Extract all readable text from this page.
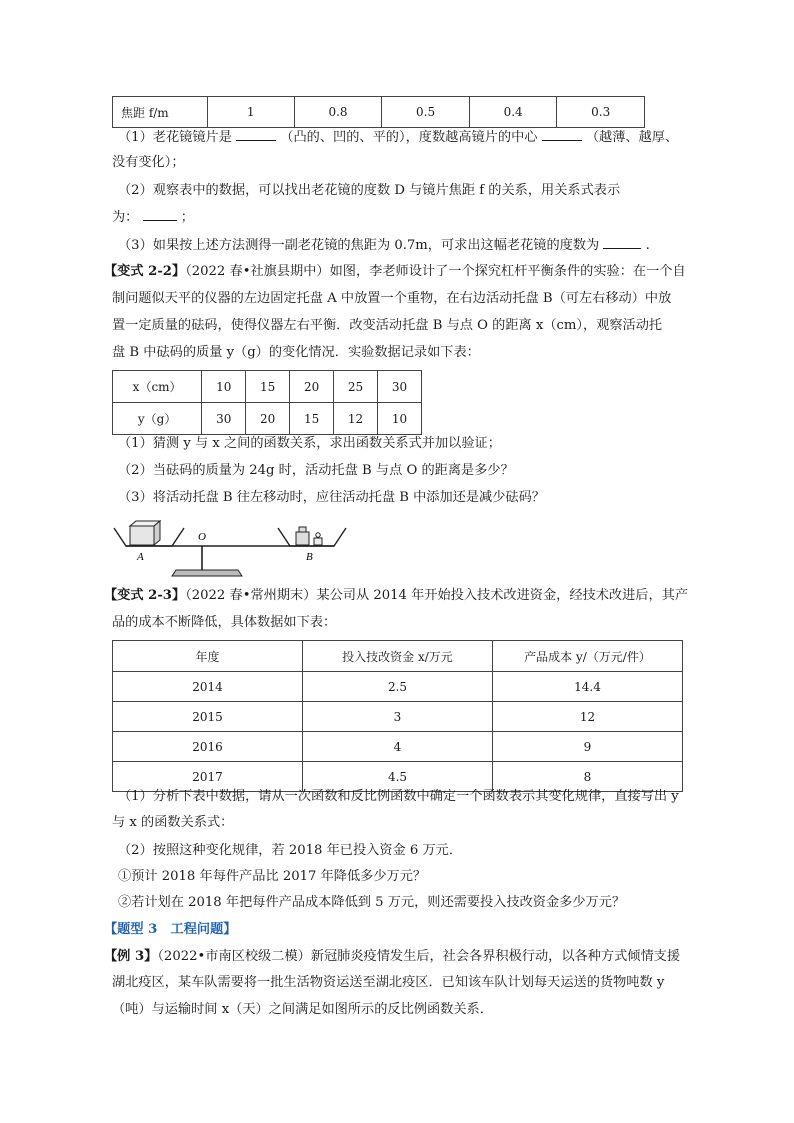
焦距 f/m	1	0.8	0.5	0.4	0.3
（1）老花镜镜片是	（凸的、凹的、平的），度数越高镜片的中心	（越薄、越厚、
没有变化）；
（2）观察表中的数据，可以找出老花镜的度数 D 与镜片焦距 f 的关系，用关系式表示
为：	；
（3）如果按上述方法测得一副老花镜的焦距为 0.7m，可求出这幅老花镜的度数为	.
【变式 2-2】（2022 春•社旗县期中）如图，李老师设计了一个探究杠杆平衡条件的实验：在一个自
制问题似天平的仪器的左边固定托盘 A 中放置一个重物，在右边活动托盘 B（可左右移动）中放
置一定质量的砝码，使得仪器左右平衡．改变活动托盘 B 与点 O 的距离 x（cm），观察活动托
盘 B 中砝码的质量 y（g）的变化情况．实验数据记录如下表：
x（cm）	10	15	20	25	30
y（g）	30	20	15	12	10
（1）猜测 y 与 x 之间的函数关系，求出函数关系式并加以验证；
（2）当砝码的质量为 24g 时，活动托盘 B 与点 O 的距离是多少？
（3）将活动托盘 B 往左移动时，应往活动托盘 B 中添加还是减少砝码？
A
O
B
【变式 2-3】（2022 春•常州期末）某公司从 2014 年开始投入技术改进资金，经技术改进后，其产
品的成本不断降低，具体数据如下表：
年度	投入技改资金 x/万元	产品成本 y/（万元/件）
2014	2.5	14.4
2015	3	12
2016	4	9
2017	4.5	8
（1）分析下表中数据，请从一次函数和反比例函数中确定一个函数表示其变化规律，直接写出 y
与 x 的函数关系式：
（2）按照这种变化规律，若 2018 年已投入资金 6 万元．
①预计 2018 年每件产品比 2017 年降低多少万元？
②若计划在 2018 年把每件产品成本降低到 5 万元，则还需要投入技改资金多少万元？
【题型 3　工程问题】
【例 3】（2022•市南区校级二模）新冠肺炎疫情发生后，社会各界积极行动，以各种方式倾情支援
湖北疫区，某车队需要将一批生活物资运送至湖北疫区．已知该车队计划每天运送的货物吨数 y
（吨）与运输时间 x（天）之间满足如图所示的反比例函数关系．
